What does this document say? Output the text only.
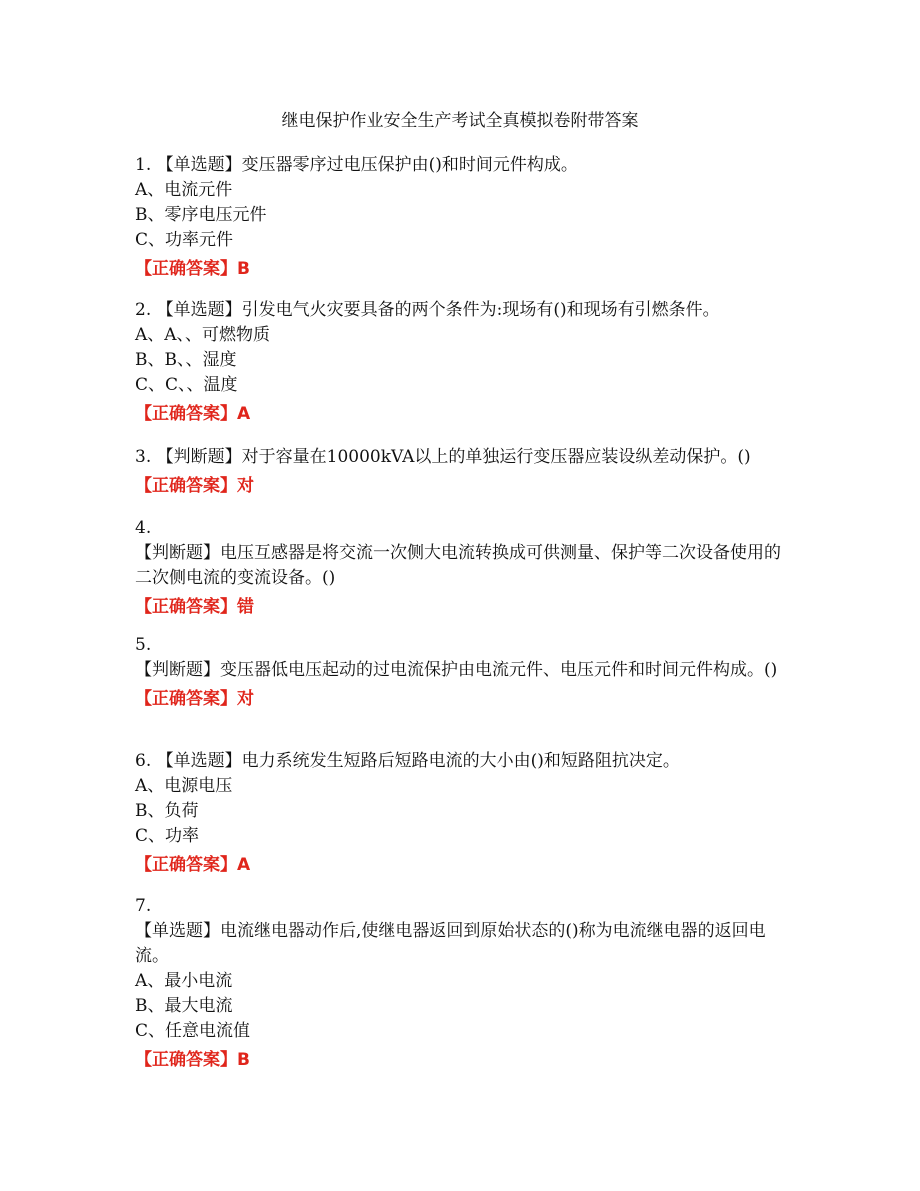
继电保护作业安全生产考试全真模拟卷附带答案
1. 【单选题】变压器零序过电压保护由()和时间元件构成。
A、电流元件
B、零序电压元件
C、功率元件
【正确答案】B
2. 【单选题】引发电气火灾要具备的两个条件为:现场有()和现场有引燃条件。
A、A、、可燃物质
B、B、、湿度
C、C、、温度
【正确答案】A
3. 【判断题】对于容量在10000kVA以上的单独运行变压器应装设纵差动保护。()
【正确答案】对
4.
【判断题】电压互感器是将交流一次侧大电流转换成可供测量、保护等二次设备使用的二次侧电流的变流设备。()
【正确答案】错
5.
【判断题】变压器低电压起动的过电流保护由电流元件、电压元件和时间元件构成。()
【正确答案】对
6. 【单选题】电力系统发生短路后短路电流的大小由()和短路阻抗决定。
A、电源电压
B、负荷
C、功率
【正确答案】A
7.
【单选题】电流继电器动作后,使继电器返回到原始状态的()称为电流继电器的返回电流。
A、最小电流
B、最大电流
C、任意电流值
【正确答案】B
